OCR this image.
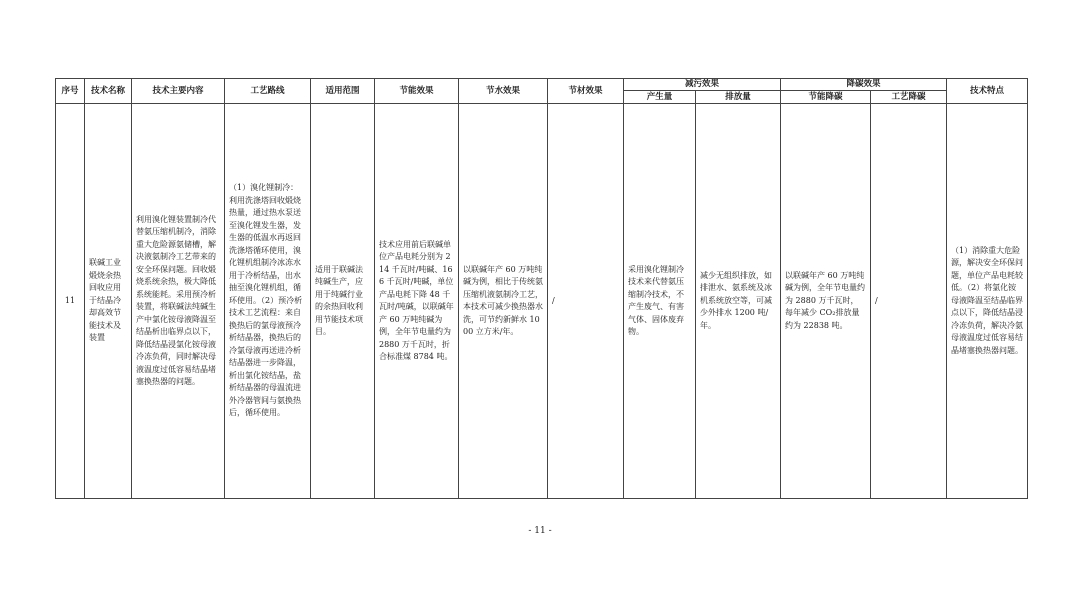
序号	技术名称	技术主要内容	工艺路线	适用范围	节能效果	节水效果	节材效果	减污效果		降碳效果		技术特点
								产生量	排放量	节能降碳	工艺降碳	
11	联碱工业煅烧余热回收应用于结晶冷却高效节能技术及装置	利用溴化锂装置制冷代替氨压缩机制冷，消除重大危险源氨储槽，解决液氨制冷工艺带来的安全环保问题。回收煅烧系统余热，极大降低系统能耗。采用预冷析装置，将联碱法纯碱生产中氯化铵母液降温至结晶析出临界点以下，降低结晶浸氯化铵母液冷冻负荷，同时解决母液温度过低容易结晶堵塞换热器的问题。	（1）溴化锂制冷：利用洗涤塔回收煅烧热量，通过热水泵送至溴化锂发生器，发生器的低温水再返回洗涤塔循环使用，溴化锂机组制冷冰冻水用于冷析结晶，出水抽至溴化锂机组，循环使用。（2）预冷析技术工艺流程：来自换热后的氯母液预冷析结晶器，换热后的冷氯母液再送进冷析结晶器进一步降温，析出氯化铵结晶，盐析结晶器的母温流进外冷器管间与氨换热后，循环使用。	适用于联碱法纯碱生产，应用于纯碱行业的余热回收利用节能技术项目。	技术应用前后联碱单位产品电耗分别为 214 千瓦时/吨碱、166 千瓦时/吨碱，单位产品电耗下降 48 千瓦时/吨碱，以联碱年产 60 万吨纯碱为例，全年节电量约为 2880 万千瓦时，折合标准煤 8784 吨。	以联碱年产 60 万吨纯碱为例，相比于传统氨压缩机液氨制冷工艺，本技术可减少换热器水洗，可节约新鲜水 1000 立方米/年。	/	采用溴化锂制冷技术来代替氨压缩制冷技术，不产生废气、有害气体、固体废弃物。	减少无组织排放，如排泄水、氨系统及冰机系统放空等，可减少外排水 1200 吨/年。	以联碱年产 60 万吨纯碱为例，全年节电量约为 2880 万千瓦时，每年减少 CO₂排放量约为 22838 吨。	/	（1）消除重大危险源，解决安全环保问题，单位产品电耗较低。（2）将氯化铵母液降温至结晶临界点以下，降低结晶浸冷冻负荷，解决冷氨母液温度过低容易结晶堵塞换热器问题。
- 11 -
